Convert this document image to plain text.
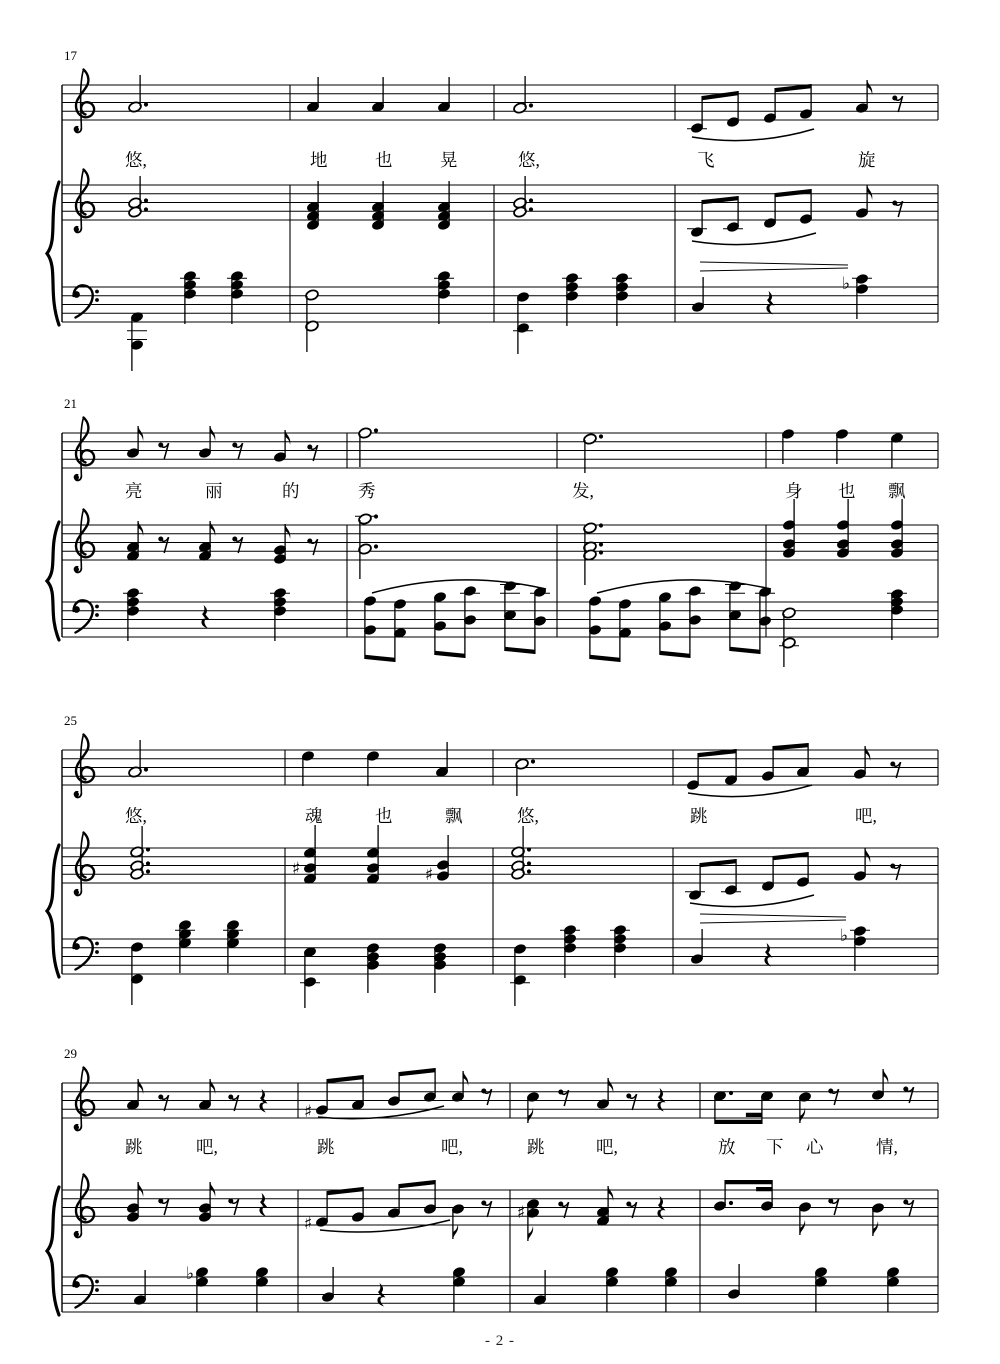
17
♭
悠,	地	也	晃	悠,	飞	旋
21
亮	丽	的	秀	发,	身 也 飘
25
♯	♯
♭
悠,	魂	也	飘	悠,	跳	吧,
29
♯
♯
♯
♭
跳	吧,	跳	吧,	跳	吧,	放 下 心	情,
- 2 -
